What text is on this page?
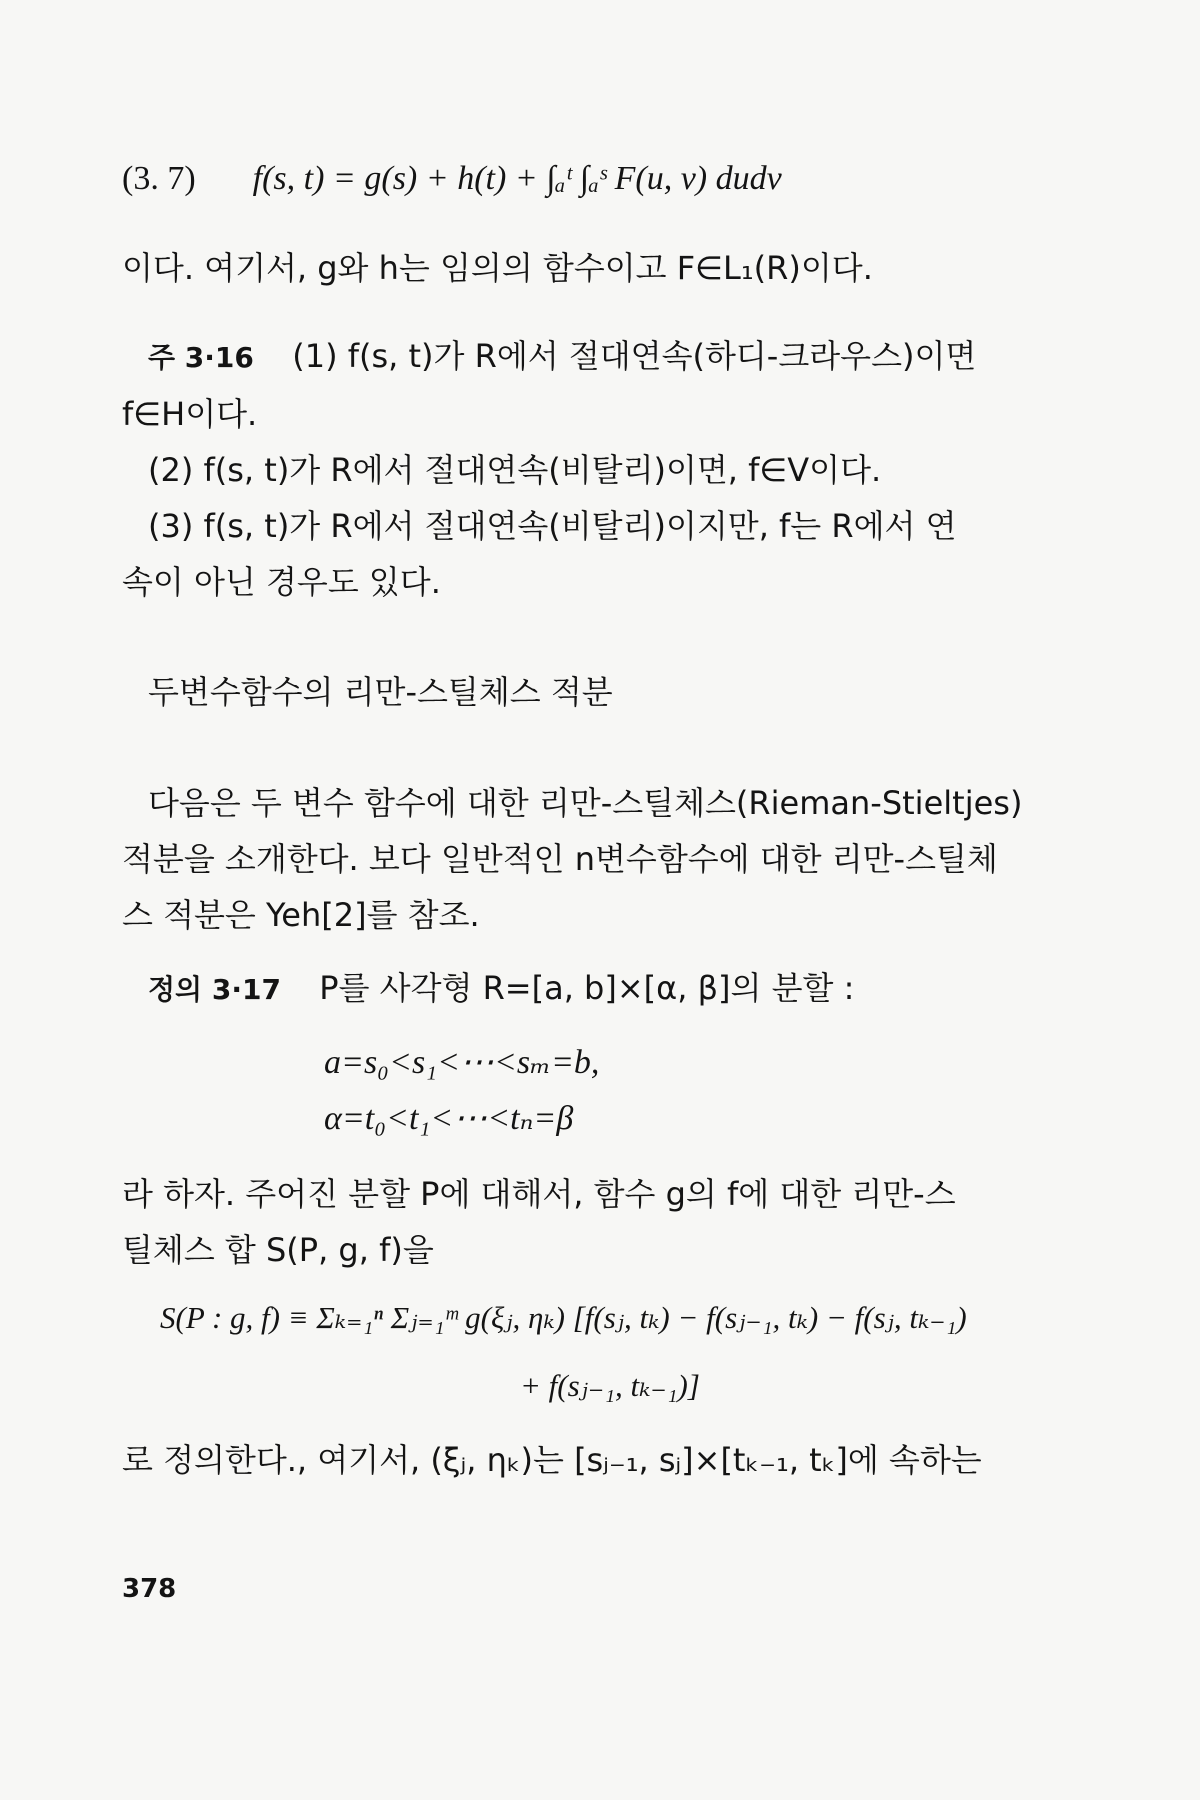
(3. 7) f(s, t) = g(s) + h(t) + ∫ₐᵗ ∫ₐˢ F(u, v) dudv
이다. 여기서, g와 h는 임의의 함수이고 F∈L₁(R)이다.
주 3·16 (1) f(s, t)가 R에서 절대연속(하디-크라우스)이면
f∈H이다.
(2) f(s, t)가 R에서 절대연속(비탈리)이면, f∈V이다.
(3) f(s, t)가 R에서 절대연속(비탈리)이지만, f는 R에서 연
속이 아닌 경우도 있다.
두변수함수의 리만-스틸체스 적분
다음은 두 변수 함수에 대한 리만-스틸체스(Rieman-Stieltjes)
적분을 소개한다. 보다 일반적인 n변수함수에 대한 리만-스틸체
스 적분은 Yeh[2]를 참조.
정의 3·17 P를 사각형 R=[a, b]×[α, β]의 분할 :
a=s₀<s₁<⋯<sₘ=b,
α=t₀<t₁<⋯<tₙ=β
라 하자. 주어진 분할 P에 대해서, 함수 g의 f에 대한 리만-스
틸체스 합 S(P, g, f)을
S(P : g, f) ≡ Σₖ₌₁ⁿ Σⱼ₌₁ᵐ g(ξⱼ, ηₖ) [f(sⱼ, tₖ) − f(sⱼ₋₁, tₖ) − f(sⱼ, tₖ₋₁)
+ f(sⱼ₋₁, tₖ₋₁)]
로 정의한다., 여기서, (ξⱼ, ηₖ)는 [sⱼ₋₁, sⱼ]×[tₖ₋₁, tₖ]에 속하는
378
